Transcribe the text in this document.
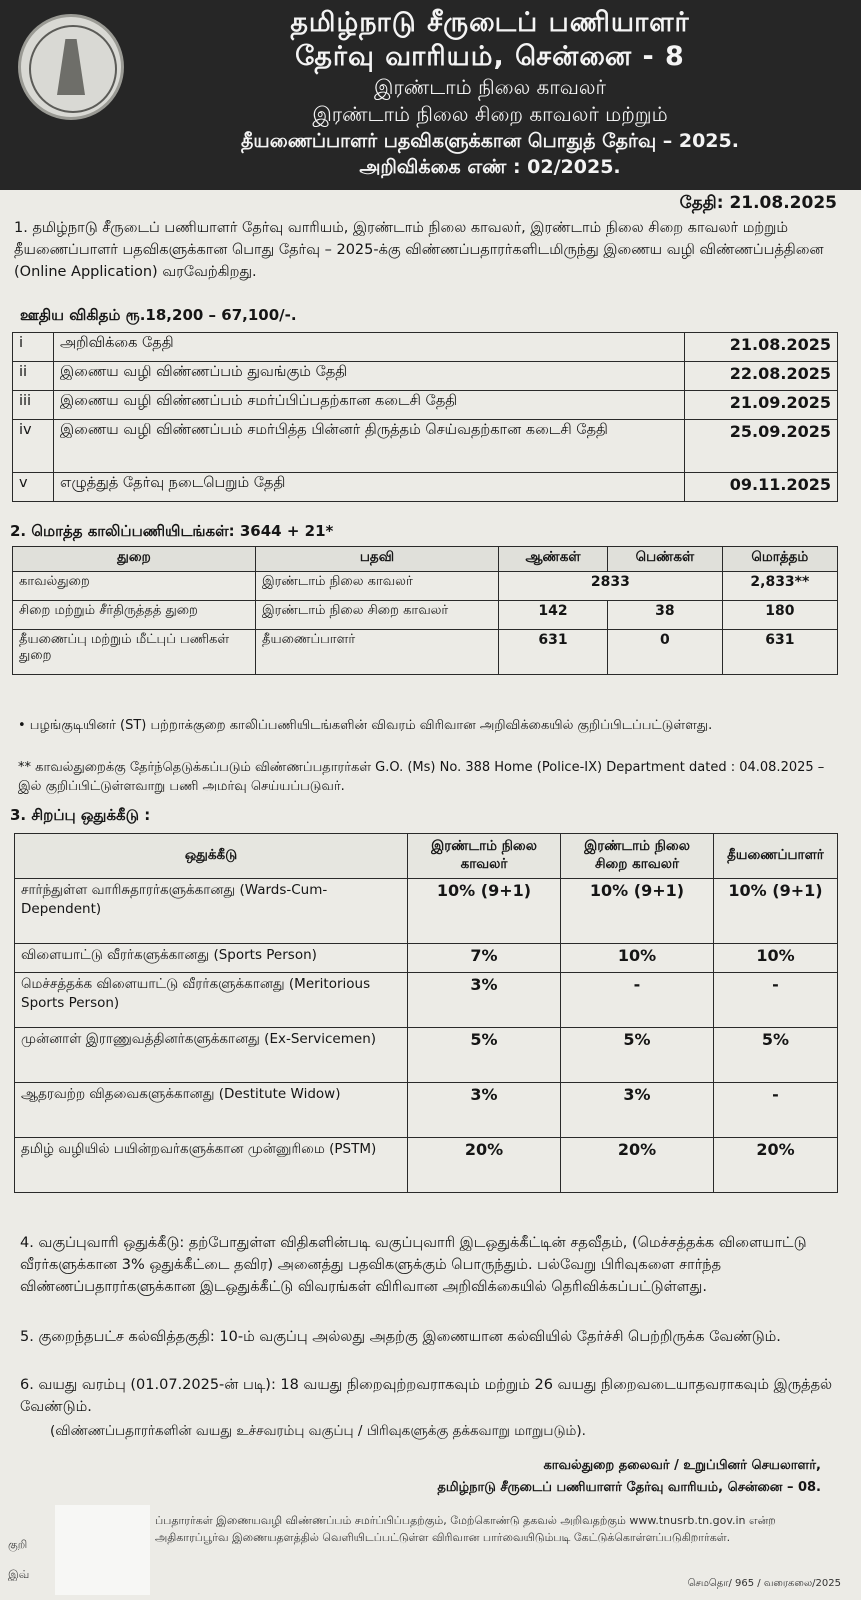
தமிழ்நாடு சீருடைப் பணியாளர்
தேர்வு வாரியம், சென்னை - 8
இரண்டாம் நிலை காவலர்
இரண்டாம் நிலை சிறை காவலர் மற்றும்
தீயணைப்பாளர் பதவிகளுக்கான பொதுத் தேர்வு – 2025.
அறிவிக்கை எண் : 02/2025.
தேதி: 21.08.2025
1. தமிழ்நாடு சீருடைப் பணியாளர் தேர்வு வாரியம், இரண்டாம் நிலை காவலர், இரண்டாம் நிலை சிறை காவலர் மற்றும் தீயணைப்பாளர் பதவிகளுக்கான பொது தேர்வு – 2025-க்கு விண்ணப்பதாரர்களிடமிருந்து இணைய வழி விண்ணப்பத்தினை (Online Application) வரவேற்கிறது.
ஊதிய விகிதம் ரூ.18,200 – 67,100/-.
i	அறிவிக்கை தேதி	21.08.2025
ii	இணைய வழி விண்ணப்பம் துவங்கும் தேதி	22.08.2025
iii	இணைய வழி விண்ணப்பம் சமர்ப்பிப்பதற்கான கடைசி தேதி	21.09.2025
iv	இணைய வழி விண்ணப்பம் சமர்பித்த பின்னர் திருத்தம் செய்வதற்கான கடைசி தேதி	25.09.2025
v	எழுத்துத் தேர்வு நடைபெறும் தேதி	09.11.2025
2. மொத்த காலிப்பணியிடங்கள்: 3644 + 21*
துறை	பதவி	ஆண்கள்	பெண்கள்	மொத்தம்
காவல்துறை	இரண்டாம் நிலை காவலர்	2833		2,833**
சிறை மற்றும் சீர்திருத்தத் துறை	இரண்டாம் நிலை சிறை காவலர்	142	38	180
தீயணைப்பு மற்றும் மீட்புப் பணிகள் துறை	தீயணைப்பாளர்	631	0	631
• பழங்குடியினர் (ST) பற்றாக்குறை காலிப்பணியிடங்களின் விவரம் விரிவான அறிவிக்கையில் குறிப்பிடப்பட்டுள்ளது.
** காவல்துறைக்கு தேர்ந்தெடுக்கப்படும் விண்ணப்பதாரர்கள் G.O. (Ms) No. 388 Home (Police-IX) Department dated : 04.08.2025 – இல் குறிப்பிட்டுள்ளவாறு பணி அமர்வு செய்யப்படுவர்.
3. சிறப்பு ஒதுக்கீடு :
ஒதுக்கீடு	இரண்டாம் நிலை காவலர்	இரண்டாம் நிலை சிறை காவலர்	தீயணைப்பாளர்
சார்ந்துள்ள வாரிசுதாரர்களுக்கானது (Wards-Cum-Dependent)	10% (9+1)	10% (9+1)	10% (9+1)
விளையாட்டு வீரர்களுக்கானது (Sports Person)	7%	10%	10%
மெச்சத்தக்க விளையாட்டு வீரர்களுக்கானது (Meritorious Sports Person)	3%	-	-
முன்னாள் இராணுவத்தினர்களுக்கானது (Ex-Servicemen)	5%	5%	5%
ஆதரவற்ற விதவைகளுக்கானது (Destitute Widow)	3%	3%	-
தமிழ் வழியில் பயின்றவர்களுக்கான முன்னுரிமை (PSTM)	20%	20%	20%
4. வகுப்புவாரி ஒதுக்கீடு: தற்போதுள்ள விதிகளின்படி வகுப்புவாரி இடஒதுக்கீட்டின் சதவீதம், (மெச்சத்தக்க விளையாட்டு வீரர்களுக்கான 3% ஒதுக்கீட்டை தவிர) அனைத்து பதவிகளுக்கும் பொருந்தும். பல்வேறு பிரிவுகளை சார்ந்த விண்ணப்பதாரர்களுக்கான இடஒதுக்கீட்டு விவரங்கள் விரிவான அறிவிக்கையில் தெரிவிக்கப்பட்டுள்ளது.
5. குறைந்தபட்ச கல்வித்தகுதி: 10-ம் வகுப்பு அல்லது அதற்கு இணையான கல்வியில் தேர்ச்சி பெற்றிருக்க வேண்டும்.
6. வயது வரம்பு (01.07.2025-ன் படி): 18 வயது நிறைவுற்றவராகவும் மற்றும் 26 வயது நிறைவடையாதவராகவும் இருத்தல் வேண்டும்.
(விண்ணப்பதாரர்களின் வயது உச்சவரம்பு வகுப்பு / பிரிவுகளுக்கு தக்கவாறு மாறுபடும்).
காவல்துறை தலைவர் / உறுப்பினர் செயலாளர்,
தமிழ்நாடு சீருடைப் பணியாளர் தேர்வு வாரியம், சென்னை – 08.
குறி
இவ்
ப்பதாரர்கள் இணையவழி விண்ணப்பம் சமர்ப்பிப்பதற்கும், மேற்கொண்டு தகவல் அறிவதற்கும் www.tnusrb.tn.gov.in என்ற அதிகாரப்பூர்வ இணையதளத்தில் வெளியிடப்பட்டுள்ள விரிவான பார்வையிடும்படி கேட்டுக்கொள்ளப்படுகிறார்கள்.
செமதொ/ 965 / வரைகலை/2025
